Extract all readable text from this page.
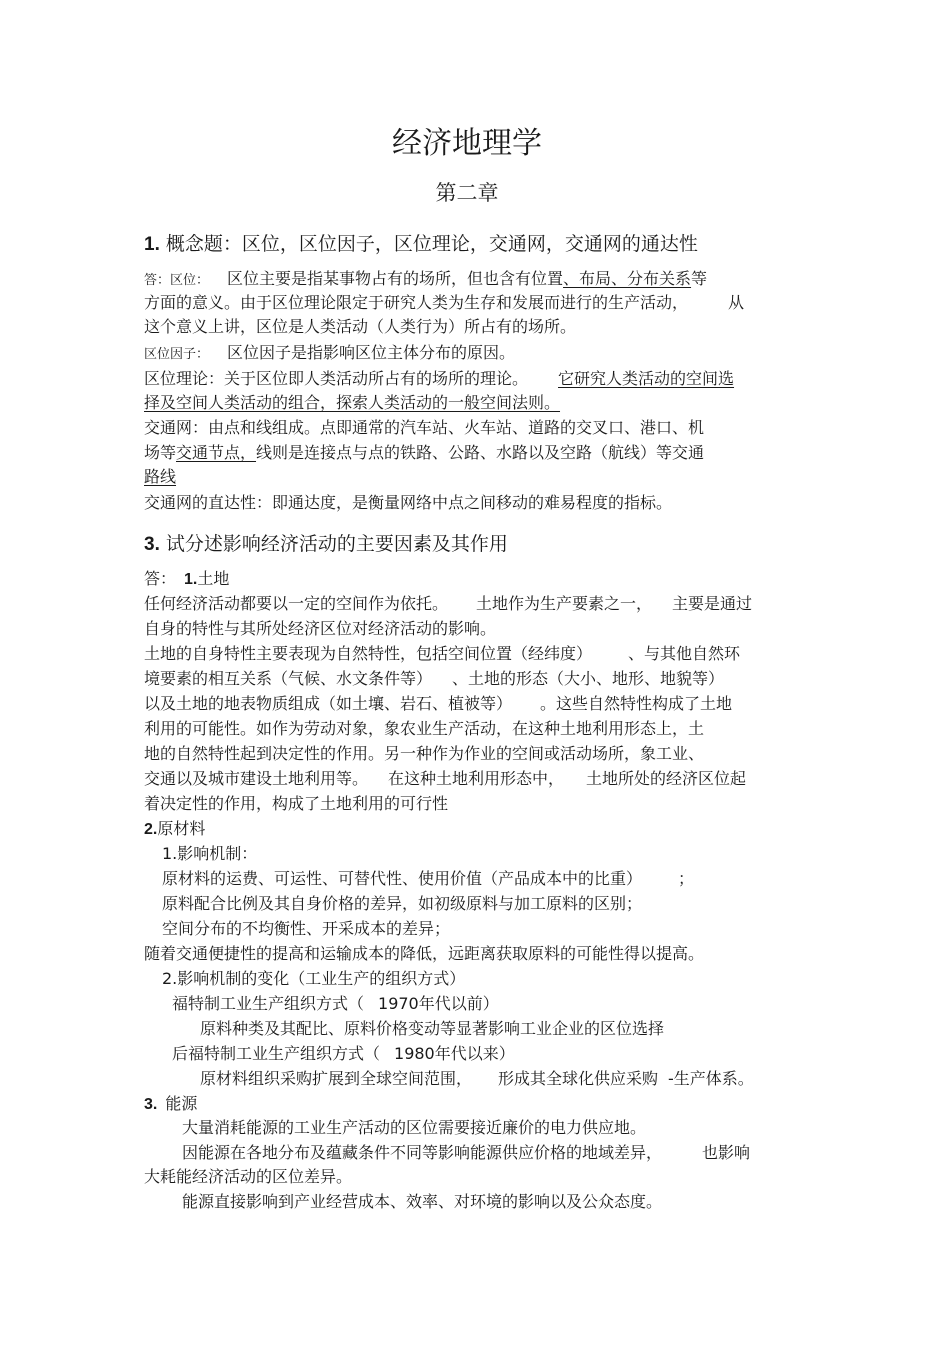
经济地理学
第二章
1. 概念题：区位，区位因子，区位理论，交通网，交通网的通达性
答：区位： 区位主要是指某事物占有的场所，但也含有位置、布局、分布关系等
方面的意义。由于区位理论限定于研究人类为生存和发展而进行的生产活动，	从
这个意义上讲，区位是人类活动（人类行为）所占有的场所。
区位因子： 区位因子是指影响区位主体分布的原因。
区位理论：关于区位即人类活动所占有的场所的理论。 它研究人类活动的空间选
择及空间人类活动的组合，探索人类活动的一般空间法则。
交通网：由点和线组成。点即通常的汽车站、火车站、道路的交叉口、港口、机
场等交通节点，线则是连接点与点的铁路、公路、水路以及空路（航线）等交通
路线
交通网的直达性：即通达度，是衡量网络中点之间移动的难易程度的指标。
3. 试分述影响经济活动的主要因素及其作用
答： 1.土地
任何经济活动都要以一定的空间作为依托。 土地作为生产要素之一， 主要是通过
自身的特性与其所处经济区位对经济活动的影响。
土地的自身特性主要表现为自然特性，包括空间位置（经纬度） 、与其他自然环
境要素的相互关系（气候、水文条件等） 、土地的形态（大小、地形、地貌等）
以及土地的地表物质组成（如土壤、岩石、植被等） 。这些自然特性构成了土地
利用的可能性。如作为劳动对象，象农业生产活动，在这种土地利用形态上，土
地的自然特性起到决定性的作用。另一种作为作业的空间或活动场所，象工业、
交通以及城市建设土地利用等。 在这种土地利用形态中， 土地所处的经济区位起
着决定性的作用，构成了土地利用的可行性
2.原材料
1.影响机制：
原材料的运费、可运性、可替代性、使用价值（产品成本中的比重） ；
原料配合比例及其自身价格的差异，如初级原料与加工原料的区别；
空间分布的不均衡性、开采成本的差异；
随着交通便捷性的提高和运输成本的降低，远距离获取原料的可能性得以提高。
2.影响机制的变化（工业生产的组织方式）
福特制工业生产组织方式（ 1970年代以前）
原料种类及其配比、原料价格变动等显著影响工业企业的区位选择
后福特制工业生产组织方式（ 1980年代以来）
原材料组织采购扩展到全球空间范围， 形成其全球化供应采购 -生产体系。
3. 能源
大量消耗能源的工业生产活动的区位需要接近廉价的电力供应地。
因能源在各地分布及蕴藏条件不同等影响能源供应价格的地域差异，	也影响
大耗能经济活动的区位差异。
能源直接影响到产业经营成本、效率、对环境的影响以及公众态度。
